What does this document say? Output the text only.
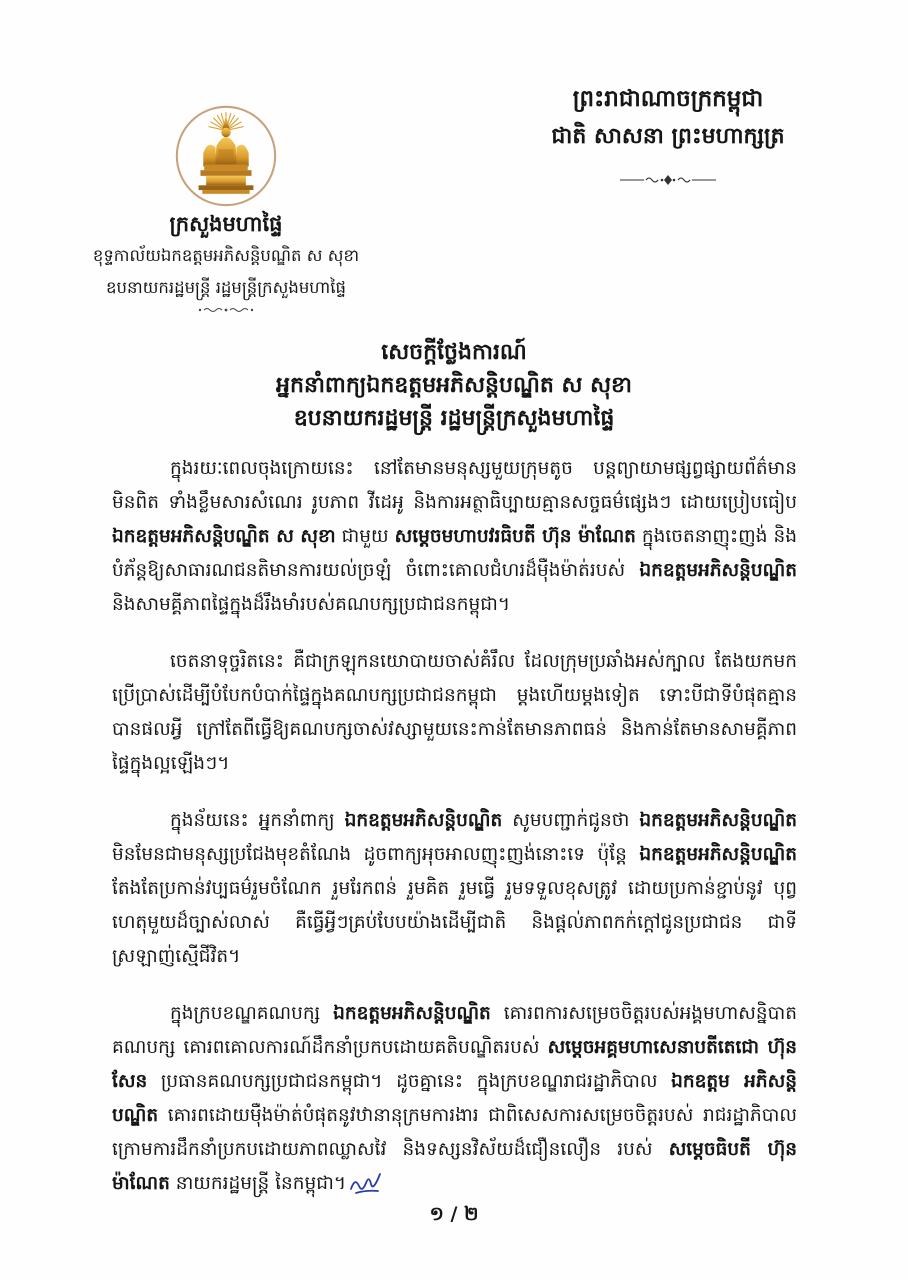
ព្រះរាជាណាចក្រកម្ពុជា
ជាតិ សាសនា ព្រះមហាក្សត្រ
ក្រសួងមហាផ្ទៃ
ខុទ្ទកាល័យឯកឧត្តមអភិសន្តិបណ្ឌិត ស សុខា
ឧបនាយករដ្ឋមន្ត្រី រដ្ឋមន្ត្រីក្រសួងមហាផ្ទៃ
សេចក្តីថ្លែងការណ៍
អ្នកនាំពាក្យឯកឧត្តមអភិសន្តិបណ្ឌិត ស សុខា
ឧបនាយករដ្ឋមន្ត្រី រដ្ឋមន្ត្រីក្រសួងមហាផ្ទៃ

ក្នុងរយៈពេលចុងក្រោយនេះ នៅតែមានមនុស្សមួយក្រុមតូច បន្តព្យាយាមផ្សព្វផ្សាយព័ត៌មាន មិនពិត ទាំងខ្លឹមសារសំណេរ រូបភាព វីដេអូ និងការអត្ថាធិប្បាយគ្មានសច្ចធម៌ផ្សេងៗ ដោយប្រៀបធៀប ឯកឧត្តមអភិសន្តិបណ្ឌិត ស សុខា ជាមួយ សម្តេចមហាបវរធិបតី ហ៊ុន ម៉ាណែត ក្នុងចេតនាញុះញង់ និង បំភ័ន្តឱ្យសាធារណជនតិមានការយល់ច្រឡំ ចំពោះគោលជំហរដ៏មុឺងម៉ាត់របស់ ឯកឧត្តមអភិសន្តិបណ្ឌិត និងសាមគ្គីភាពផ្ទៃក្នុងដ៏រឹងមាំរបស់គណបក្សប្រជាជនកម្ពុជា។

ចេតនាទុច្ចរិតនេះ គឺជាក្រឡុកនយោបាយចាស់គំរឹល ដែលក្រុមប្រឆាំងអស់ក្បាល តែងយកមក ប្រើប្រាស់ដើម្បីបំបែកបំបាក់ផ្ទៃក្នុងគណបក្សប្រជាជនកម្ពុជា ម្តងហើយម្តងទៀត ទោះបីជាទីបំផុតគ្មាន បានផលអ្វី ក្រៅតែពីធ្វើឱ្យគណបក្សចាស់វស្សាមួយនេះកាន់តែមានភាពធន់ និងកាន់តែមានសាមគ្គីភាព ផ្ទៃក្នុងល្អឡើងៗ។

ក្នុងន័យនេះ អ្នកនាំពាក្យ ឯកឧត្តមអភិសន្តិបណ្ឌិត សូមបញ្ជាក់ជូនថា ឯកឧត្តមអភិសន្តិបណ្ឌិត មិនមែនជាមនុស្សប្រជែងមុខតំណែង ដូចពាក្យអុចអាលញុះញង់នោះទេ ប៉ុន្តែ ឯកឧត្តមអភិសន្តិបណ្ឌិត តែងតែប្រកាន់វប្បធម៌រួមចំណែក រួមរែកពន់ រួមគិត រួមធ្វើ រួមទទួលខុសត្រូវ ដោយប្រកាន់ខ្ជាប់នូវ បុព្វហេតុមួយដ៏ច្បាស់លាស់ គឺធ្វើអ្វីៗគ្រប់បែបយ៉ាងដើម្បីជាតិ និងផ្តល់ភាពកក់ក្តៅជូនប្រជាជន ជាទី ស្រឡាញ់ស្មើជីវិត។

ក្នុងក្របខណ្ឌគណបក្ស ឯកឧត្តមអភិសន្តិបណ្ឌិត គោរពការសម្រេចចិត្តរបស់អង្គមហាសន្និបាត គណបក្ស គោរពគោលការណ៍ដឹកនាំប្រកបដោយគតិបណ្ឌិតរបស់ សម្តេចអគ្គមហាសេនាបតីតេជោ ហ៊ុន សែន ប្រធានគណបក្សប្រជាជនកម្ពុជា។ ដូចគ្នានេះ ក្នុងក្របខណ្ឌរាជរដ្ឋាភិបាល ឯកឧត្តម អភិសន្តិបណ្ឌិត គោរពដោយមុឺងម៉ាត់បំផុតនូវឋានានុក្រមការងារ ជាពិសេសការសម្រេចចិត្តរបស់ រាជរដ្ឋាភិបាល ក្រោមការដឹកនាំប្រកបដោយភាពឈ្លាសវៃ និងទស្សនវិស័យដ៏ជឿនលឿន របស់ សម្តេចធិបតី ហ៊ុន ម៉ាណែត នាយករដ្ឋមន្ត្រី នៃកម្ពុជា។

១ / ២
